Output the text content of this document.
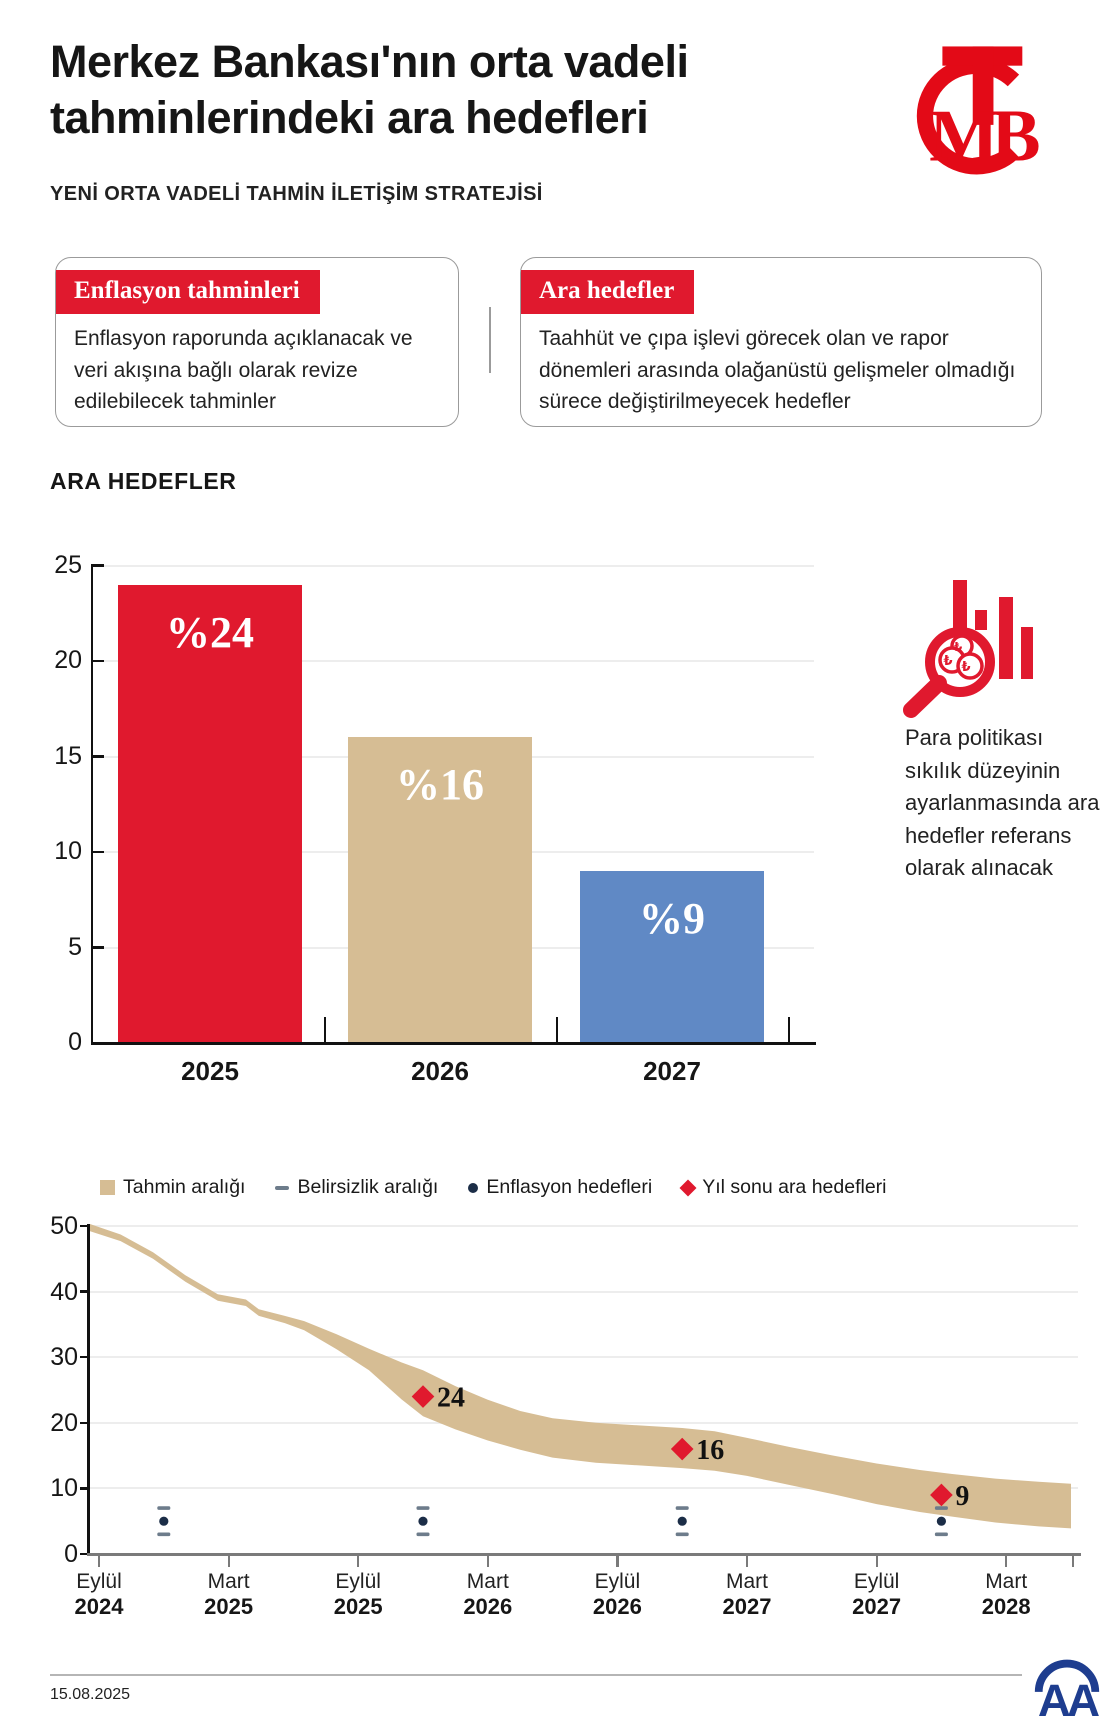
Merkez Bankası'nın orta vadeli
tahminlerindeki ara hedefleri	M
B
YENİ ORTA VADELİ TAHMİN İLETİŞİM STRATEJİSİ
Enflasyon tahminleri
Enflasyon raporunda açıklanacak ve veri akışına bağlı olarak revize edilebilecek tahminler
Ara hedefler
Taahhüt ve çıpa işlevi görecek olan ve rapor dönemleri arasında olağanüstü gelişmeler olmadığı sürece değiştirilmeyecek hedefler
ARA HEDEFLER
%24
2025
%16
2026
%9
2027
0
5
10
15
20
25
₺
₺ ₺
Para politikası sıkılık düzeyinin ayarlanmasında ara hedefler referans olarak alınacak
Tahmin aralığı	Belirsizlik aralığı Enflasyon hedefleri	Yıl sonu ara hedefleri
0
10
20
30
40
50
24
16
9
Eylül
2024
Mart
2025
Eylül
2025
Mart
2026
Eylül
2026
Mart
2027
Eylül
2027
Mart
2028
15.08.2025	AA
